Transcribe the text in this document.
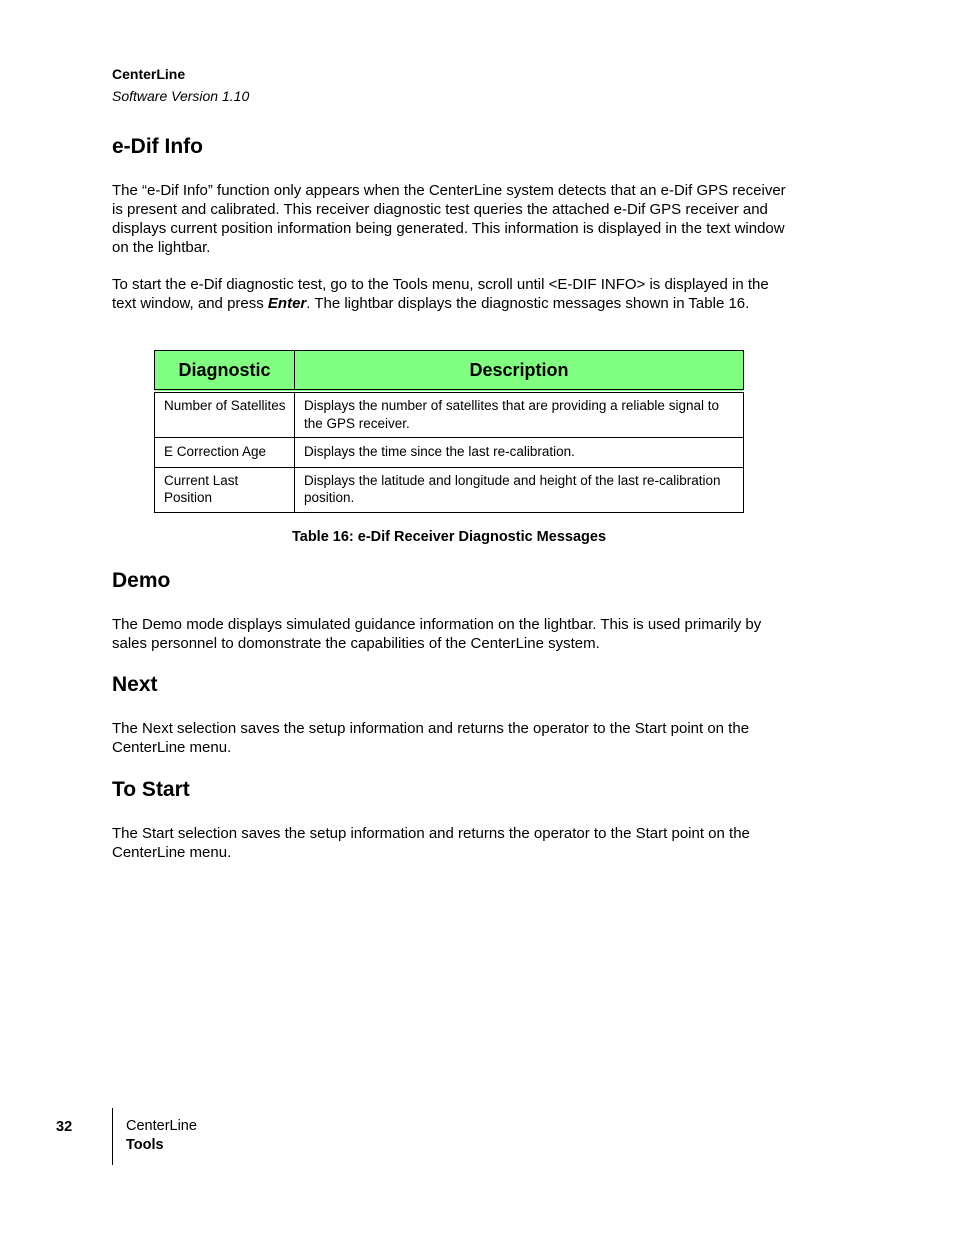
CenterLine
Software Version 1.10
e-Dif Info

The “e-Dif Info” function only appears when the CenterLine system detects that an e-Dif GPS receiver is present and calibrated. This receiver diagnostic test queries the attached e-Dif GPS receiver and displays current position information being generated. This information is displayed in the text window on the lightbar.

To start the e-Dif diagnostic test, go to the Tools menu, scroll until <E-DIF INFO> is displayed in the text window, and press Enter. The lightbar displays the diagnostic messages shown in Table 16.

Diagnostic	Description
Number of Satellites	Displays the number of satellites that are providing a reliable signal to the GPS receiver.
E Correction Age	Displays the time since the last re-calibration.
Current Last Position	Displays the latitude and longitude and height of the last re-calibration position.
Table 16: e-Dif Receiver Diagnostic Messages
Demo

The Demo mode displays simulated guidance information on the lightbar. This is used primarily by sales personnel to domonstrate the capabilities of the CenterLine system.

Next

The Next selection saves the setup information and returns the operator to the Start point on the CenterLine menu.

To Start

The Start selection saves the setup information and returns the operator to the Start point on the CenterLine menu.

32	CenterLine
Tools
